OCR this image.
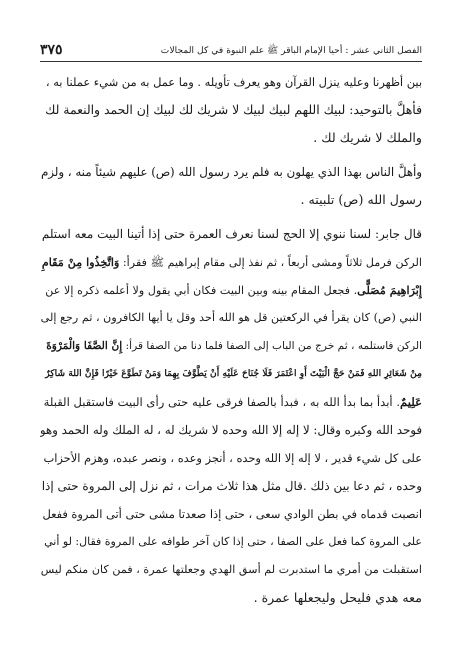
٣٧٥	الفصل الثاني عشر : أحيا الإمام الباقر ﷺ علم النبوة في كل المجالات
بين أظهرنا وعليه ينزل القرآن وهو يعرف تأويله . وما عمل به من شيء عملنا به ،
فأهلَّ بالتوحيد: لبيك اللهم لبيك لبيك لا شريك لك لبيك إن الحمد والنعمة لك
والملك لا شريك لك .
وأهلَّ الناس بهذا الذي يهلون به فلم يرد رسول الله (ص) عليهم شيئاً منه ، ولزم
رسول الله (ص) تلبيته .
قال جابر: لسنا ننوي إلا الحج لسنا نعرف العمرة حتى إذا أتينا البيت معه استلم
الركن فرمل ثلاثاً ومشى أربعاً ، ثم نفذ إلى مقام إبراهيم ﷺ فقرأ: وَاتَّخِذُوا مِنْ مَقَامِ
إِبْرَاهِيمَ مُصَلًّى. فجعل المقام بينه وبين البيت فكان أبي يقول ولا أعلمه ذكره إلا عن
النبي (ص) كان يقرأ في الركعتين قل هو الله أحد وقل يا أيها الكافرون ، ثم رجع إلى
الركن فاستلمه ، ثم خرج من الباب إلى الصفا فلما دنا من الصفا قرأ: إِنَّ الصَّفَا وَالْمَرْوَةَ
مِنْ شَعَائِرِ اللهِ فَمَنْ حَجَّ الْبَيْتَ أَوِ اعْتَمَرَ فَلَا جُنَاحَ عَلَيْهِ أَنْ يَطَّوَّفَ بِهِمَا وَمَنْ تَطَوَّعَ خَيْرًا فَإِنَّ اللهَ شَاكِرٌ
عَلِيمٌ. أبدأ بما بدأ الله به ، فبدأ بالصفا فرقى عليه حتى رأى البيت فاستقبل القبلة
فوحد الله وكبره وقال: لا إله إلا الله وحده لا شريك له ، له الملك وله الحمد وهو
على كل شيء قدير ، لا إله إلا الله وحده ، أنجز وعده ، ونصر عبده، وهزم الأحزاب
وحده ، ثم دعا بين ذلك .قال مثل هذا ثلاث مرات ، ثم نزل إلى المروة حتى إذا
انصبت قدماه في بطن الوادي سعى ، حتى إذا صعدتا مشى حتى أتى المروة ففعل
على المروة كما فعل على الصفا ، حتى إذا كان آخر طوافه على المروة فقال: لو أني
استقبلت من أمري ما استدبرت لم أسق الهدي وجعلتها عمرة ، فمن كان منكم ليس
معه هدي فليحل وليجعلها عمرة .
